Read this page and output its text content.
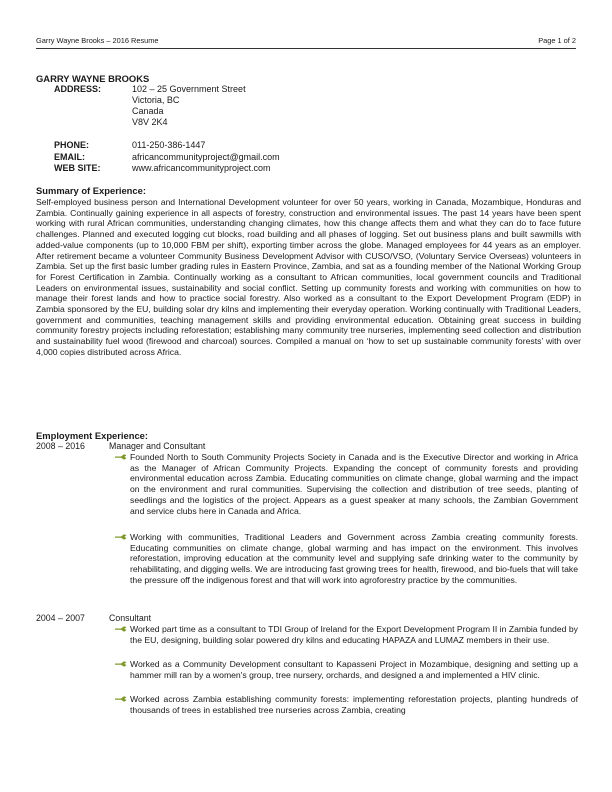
Garry Wayne Brooks – 2016 Resume	Page 1 of 2
GARRY WAYNE BROOKS
ADDRESS:	102 – 25 Government Street
Victoria, BC
Canada
V8V 2K4
PHONE:	011-250-386-1447
EMAIL:	africancommunityproject@gmail.com
WEB SITE:	www.africancommunityproject.com
Summary of Experience:

Self-employed business person and International Development volunteer for over 50 years, working in Canada, Mozambique, Honduras and Zambia. Continually gaining experience in all aspects of forestry, construction and environmental issues. The past 14 years have been spent working with rural African communities, understanding changing climates, how this change affects them and what they can do to face future challenges. Planned and executed logging cut blocks, road building and all phases of logging. Set out business plans and built sawmills with added-value components (up to 10,000 FBM per shift), exporting timber across the globe. Managed employees for 44 years as an employer. After retirement became a volunteer Community Business Development Advisor with CUSO/VSO, (Voluntary Service Overseas) volunteers in Zambia. Set up the first basic lumber grading rules in Eastern Province, Zambia, and sat as a founding member of the National Working Group for Forest Certification in Zambia. Continually working as a consultant to African communities, local government councils and Traditional Leaders on environmental issues, sustainability and social conflict. Setting up community forests and working with communities on how to manage their forest lands and how to practice social forestry. Also worked as a consultant to the Export Development Program (EDP) in Zambia sponsored by the EU, building solar dry kilns and implementing their everyday operation. Working continually with Traditional Leaders, government and communities, teaching management skills and providing environmental education. Obtaining great success in building community forestry projects including reforestation; establishing many community tree nurseries, implementing seed collection and distribution and sustainability fuel wood (firewood and charcoal) sources. Compiled a manual on ‘how to set up sustainable community forests’ with over 4,000 copies distributed across Africa.

Employment Experience:
2008 – 2016	Manager and Consultant

Founded North to South Community Projects Society in Canada and is the Executive Director and working in Africa as the Manager of African Community Projects. Expanding the concept of community forests and providing environmental education across Zambia. Educating communities on climate change, global warming and the impact on the environment and rural communities. Supervising the collection and distribution of tree seeds, planting of seedlings and the logistics of the project. Appears as a guest speaker at many schools, the Zambian Government and service clubs here in Canada and Africa.

Working with communities, Traditional Leaders and Government across Zambia creating community forests. Educating communities on climate change, global warming and has impact on the environment. This involves reforestation, improving education at the community level and supplying safe drinking water to the community by rehabilitating, and digging wells. We are introducing fast growing trees for health, firewood, and bio-fuels that will take the pressure off the indigenous forest and that will work into agroforestry practice by the communities.

2004 – 2007	Consultant

Worked part time as a consultant to TDI Group of Ireland for the Export Development Program II in Zambia funded by the EU, designing, building solar powered dry kilns and educating HAPAZA and LUMAZ members in their use.

Worked as a Community Development consultant to Kapasseni Project in Mozambique, designing and setting up a hammer mill ran by a women's group, tree nursery, orchards, and designed a and implemented a HIV clinic.

Worked across Zambia establishing community forests: implementing reforestation projects, planting hundreds of thousands of trees in established tree nurseries across Zambia, creating
